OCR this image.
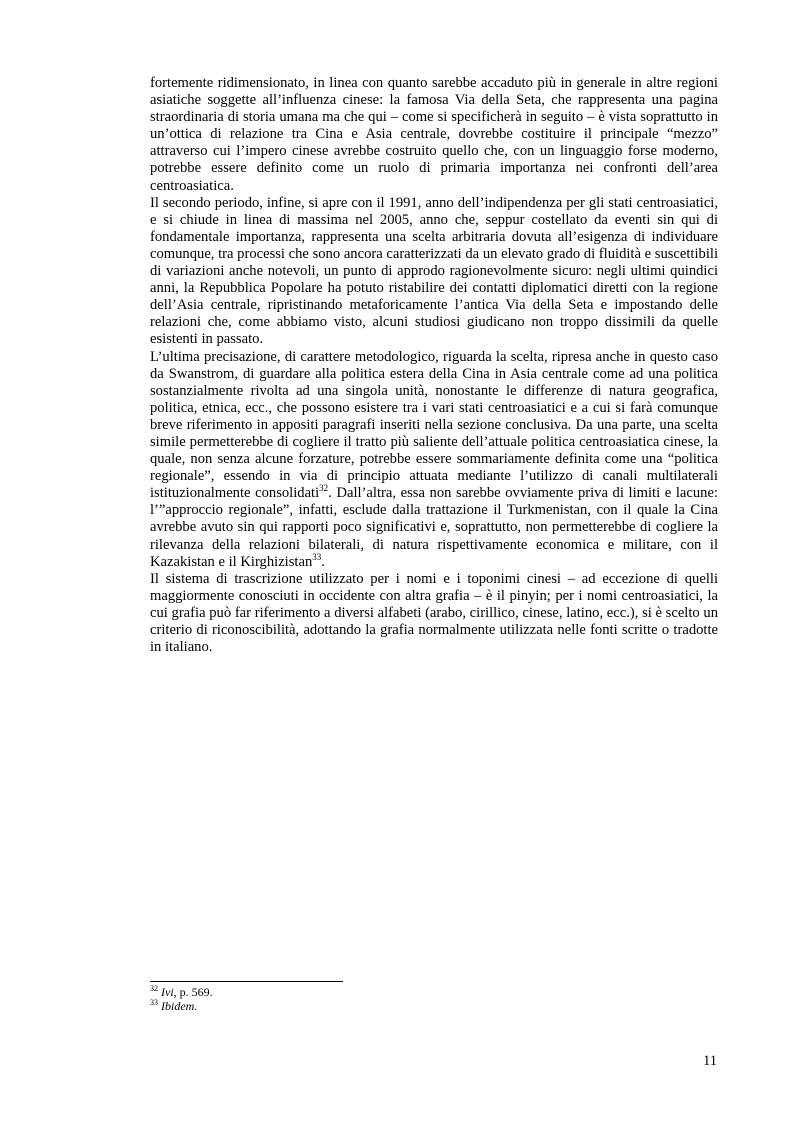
fortemente ridimensionato, in linea con quanto sarebbe accaduto più in generale in altre regioni asiatiche soggette all’influenza cinese: la famosa Via della Seta, che rappresenta una pagina straordinaria di storia umana ma che qui – come si specificherà in seguito – è vista soprattutto in un’ottica di relazione tra Cina e Asia centrale, dovrebbe costituire il principale “mezzo” attraverso cui l’impero cinese avrebbe costruito quello che, con un linguaggio forse moderno, potrebbe essere definito come un ruolo di primaria importanza nei confronti dell’area centroasiatica.

Il secondo periodo, infine, si apre con il 1991, anno dell’indipendenza per gli stati centroasiatici, e si chiude in linea di massima nel 2005, anno che, seppur costellato da eventi sin qui di fondamentale importanza, rappresenta una scelta arbitraria dovuta all’esigenza di individuare comunque, tra processi che sono ancora caratterizzati da un elevato grado di fluidità e suscettibili di variazioni anche notevoli, un punto di approdo ragionevolmente sicuro: negli ultimi quindici anni, la Repubblica Popolare ha potuto ristabilire dei contatti diplomatici diretti con la regione dell’Asia centrale, ripristinando metaforicamente l’antica Via della Seta e impostando delle relazioni che, come abbiamo visto, alcuni studiosi giudicano non troppo dissimili da quelle esistenti in passato.

L’ultima precisazione, di carattere metodologico, riguarda la scelta, ripresa anche in questo caso da Swanstrom, di guardare alla politica estera della Cina in Asia centrale come ad una politica sostanzialmente rivolta ad una singola unità, nonostante le differenze di natura geografica, politica, etnica, ecc., che possono esistere tra i vari stati centroasiatici e a cui si farà comunque breve riferimento in appositi paragrafi inseriti nella sezione conclusiva. Da una parte, una scelta simile permetterebbe di cogliere il tratto più saliente dell’attuale politica centroasiatica cinese, la quale, non senza alcune forzature, potrebbe essere sommariamente definita come una “politica regionale”, essendo in via di principio attuata mediante l’utilizzo di canali multilaterali istituzionalmente consolidati$^{32}$. Dall’altra, essa non sarebbe ovviamente priva di limiti e lacune: l’”approccio regionale”, infatti, esclude dalla trattazione il Turkmenistan, con il quale la Cina avrebbe avuto sin qui rapporti poco significativi e, soprattutto, non permetterebbe di cogliere la rilevanza della relazioni bilaterali, di natura rispettivamente economica e militare, con il Kazakistan e il Kirghizistan$^{33}$.

Il sistema di trascrizione utilizzato per i nomi e i toponimi cinesi – ad eccezione di quelli maggiormente conosciuti in occidente con altra grafia – è il pinyin; per i nomi centroasiatici, la cui grafia può far riferimento a diversi alfabeti (arabo, cirillico, cinese, latino, ecc.), si è scelto un criterio di riconoscibilità, adottando la grafia normalmente utilizzata nelle fonti scritte o tradotte in italiano.

$^{32}$ Ivi, p. 569.

$^{33}$ Ibidem.

11
